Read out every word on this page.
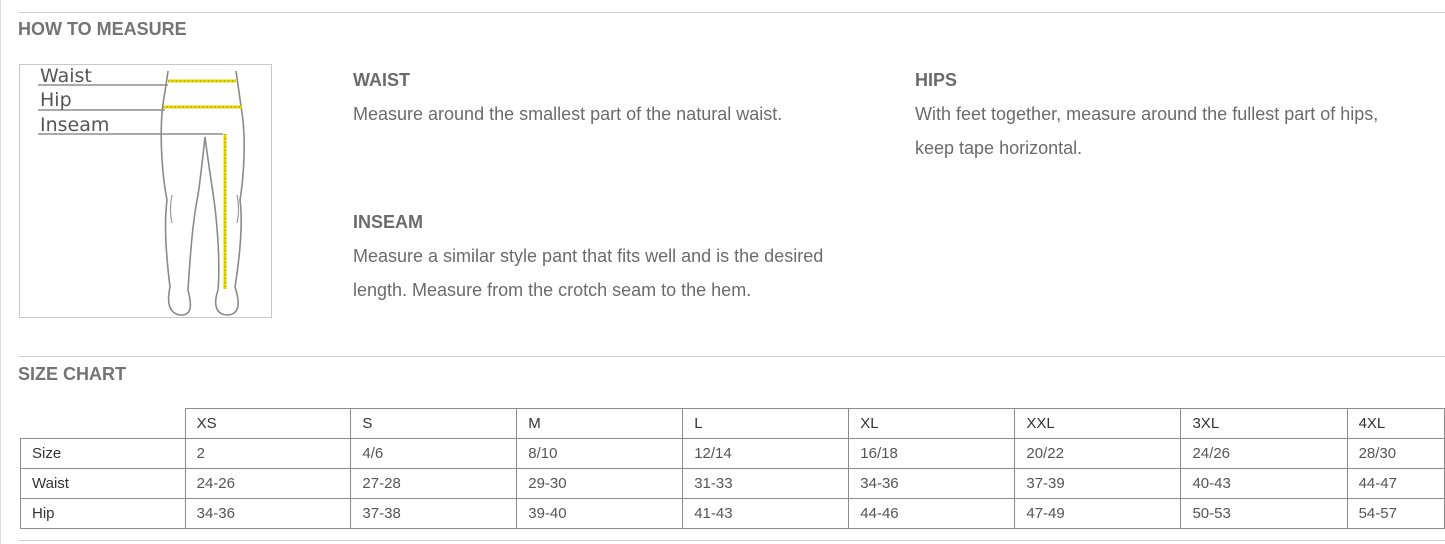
HOW TO MEASURE
Waist
Hip
Inseam
WAIST

Measure around the smallest part of the natural waist.

HIPS

With feet together, measure around the fullest part of hips, keep tape horizontal.

INSEAM

Measure a similar style pant that fits well and is the desired length. Measure from the crotch seam to the hem.

SIZE CHART
	XS	S	M	L	XL	XXL	3XL	4XL
Size	2	4/6	8/10	12/14	16/18	20/22	24/26	28/30
Waist	24-26	27-28	29-30	31-33	34-36	37-39	40-43	44-47
Hip	34-36	37-38	39-40	41-43	44-46	47-49	50-53	54-57
